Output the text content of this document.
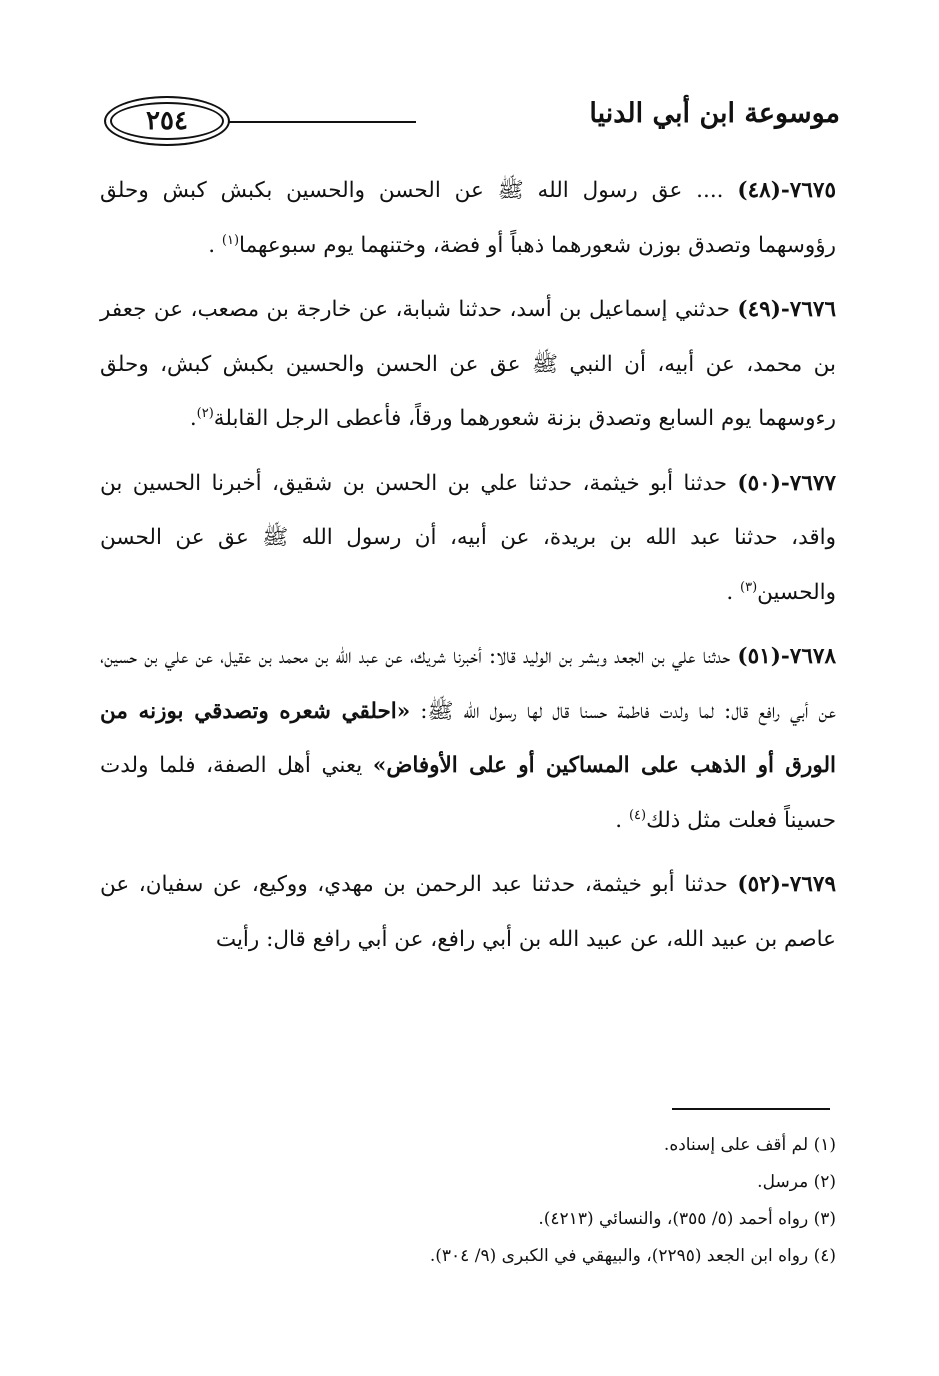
٢٥٤	موسوعة ابن أبي الدنيا

٧٦٧٥-(٤٨) .... عق رسول الله ﷺ عن الحسن والحسين بكبش كبش وحلق رؤوسهما وتصدق بوزن شعورهما ذهباً أو فضة، وختنهما يوم سبوعهما$^{(١)}$ .

٧٦٧٦-(٤٩) حدثني إسماعيل بن أسد، حدثنا شبابة، عن خارجة بن مصعب، عن جعفر بن محمد، عن أبيه، أن النبي ﷺ عق عن الحسن والحسين بكبش كبش، وحلق رءوسهما يوم السابع وتصدق بزنة شعورهما ورقاً، فأعطى الرجل القابلة$^{(٢)}$.

٧٦٧٧-(٥٠) حدثنا أبو خيثمة، حدثنا علي بن الحسن بن شقيق، أخبرنا الحسين بن واقد، حدثنا عبد الله بن بريدة، عن أبيه، أن رسول الله ﷺ عق عن الحسن والحسين$^{(٣)}$ .

٧٦٧٨-(٥١) حدثنا علي بن الجعد وبشر بن الوليد قالا: أخبرنا شريك، عن عبد الله بن محمد بن عقيل، عن علي بن حسين، عن أبي رافع قال: لما ولدت فاطمة حسنا قال لها رسول الله ﷺ: «احلقي شعره وتصدقي بوزنه من الورق أو الذهب على المساكين أو على الأوفاض» يعني أهل الصفة، فلما ولدت حسيناً فعلت مثل ذلك$^{(٤)}$ .

٧٦٧٩-(٥٢) حدثنا أبو خيثمة، حدثنا عبد الرحمن بن مهدي، ووكيع، عن سفيان، عن عاصم بن عبيد الله، عن عبيد الله بن أبي رافع، عن أبي رافع قال: رأيت

(١) لم أقف على إسناده.

(٢) مرسل.

(٣) رواه أحمد (٥/ ٣٥٥)، والنسائي (٤٢١٣).

(٤) رواه ابن الجعد (٢٢٩٥)، والبيهقي في الكبرى (٩/ ٣٠٤).
